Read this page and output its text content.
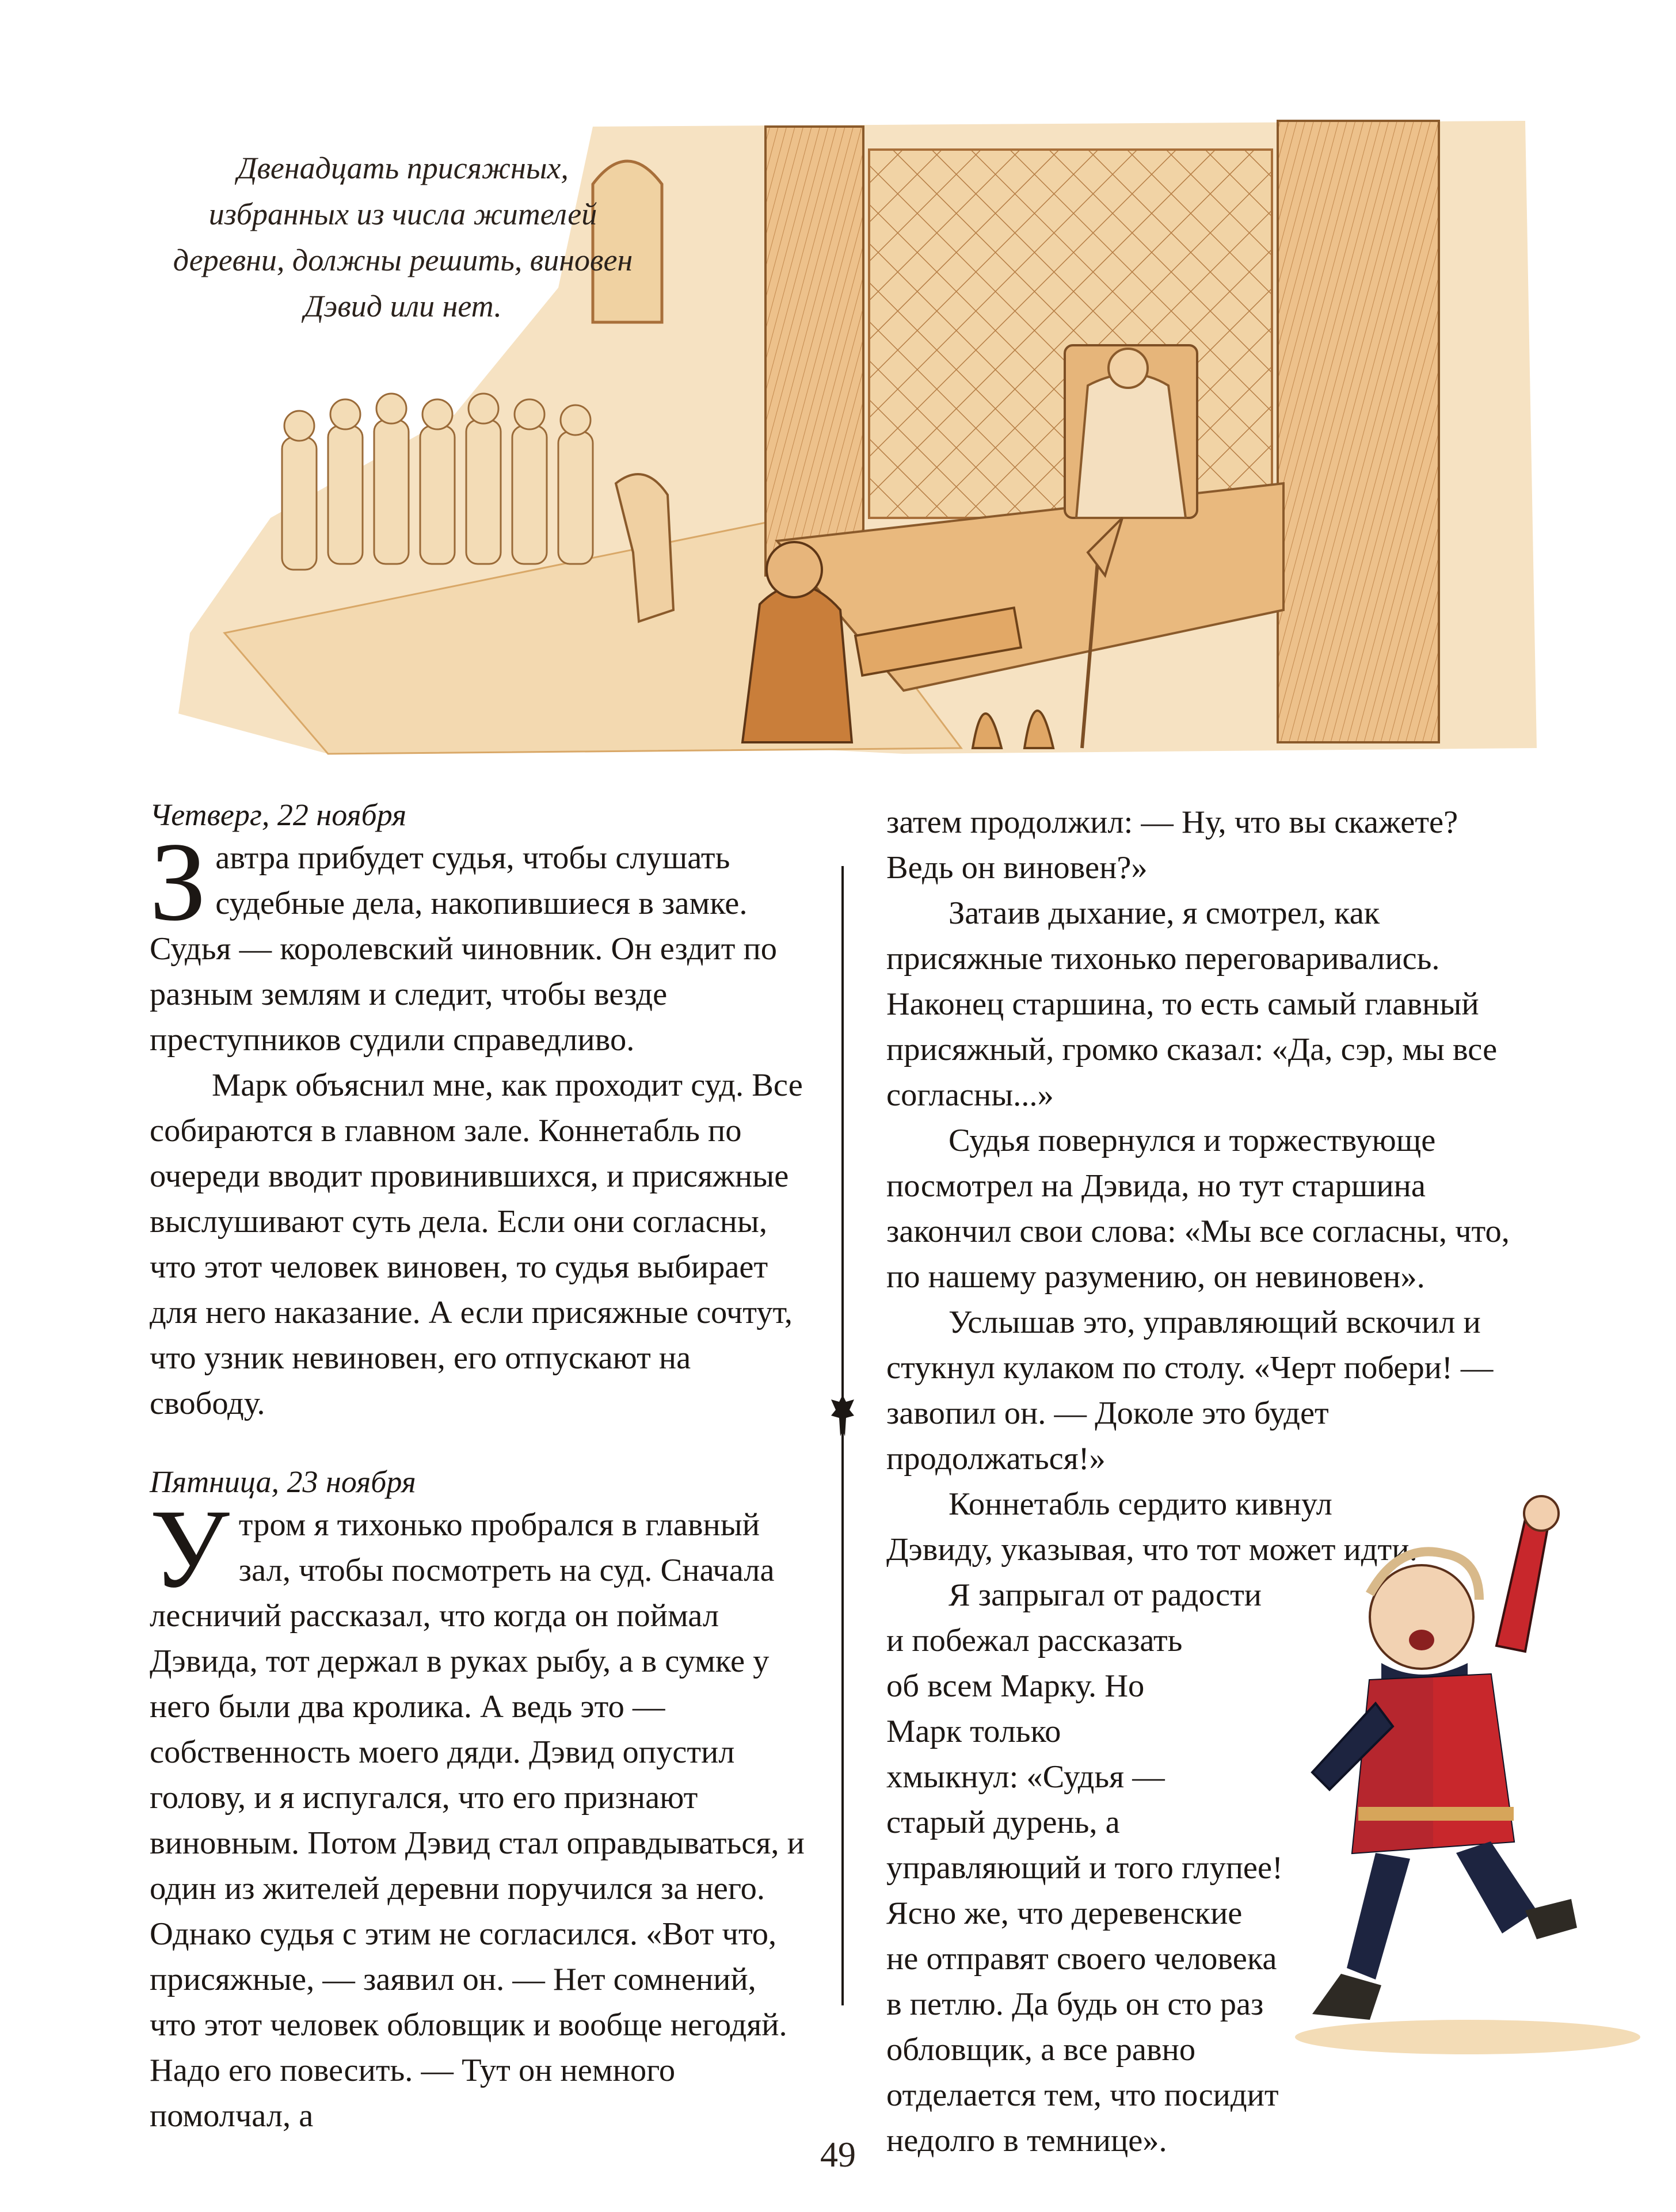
Двенадцать присяжных,
избранных из числа жителей
деревни, должны решить, виновен
Дэвид или нет.

Четверг, 22 ноября

Завтра прибудет судья, чтобы слушать судебные дела, накопившиеся в замке. Судья — королевский чиновник. Он ездит по разным землям и следит, чтобы везде преступников судили справедливо.

Марк объяснил мне, как проходит суд. Все собираются в главном зале. Коннетабль по очереди вводит провинившихся, и присяжные выслушивают суть дела. Если они согласны, что этот человек виновен, то судья выбирает для него наказание. А если присяжные сочтут, что узник невиновен, его отпускают на свободу.

Пятница, 23 ноября

Утром я тихонько пробрался в главный зал, чтобы посмотреть на суд. Сначала лесничий рассказал, что когда он поймал Дэвида, тот держал в руках рыбу, а в сумке у него были два кролика. А ведь это — собственность моего дяди. Дэвид опустил голову, и я испугался, что его признают виновным. Потом Дэвид стал оправдываться, и один из жителей деревни поручился за него. Однако судья с этим не согласился. «Вот что, присяжные, — заявил он. — Нет сомнений, что этот человек обловщик и вообще негодяй. Надо его повесить. — Тут он немного помолчал, а

затем продолжил: — Ну, что вы скажете? Ведь он виновен?»

Затаив дыхание, я смотрел, как присяжные тихонько переговаривались. Наконец старшина, то есть самый главный присяжный, громко сказал: «Да, сэр, мы все согласны...»

Судья повернулся и торжествующе посмотрел на Дэвида, но тут старшина закончил свои слова: «Мы все согласны, что, по нашему разумению, он невиновен».

Услышав это, управляющий вскочил и стукнул кулаком по столу. «Черт побери! — завопил он. — Доколе это будет продолжаться!»

Коннетабль сердито кивнул Дэвиду, указывая, что тот может идти.

Я запрыгал от радости
и побежал рассказать
об всем Марку. Но
Марк только
хмыкнул: «Судья —
старый дурень, а
управляющий и того глупее!
Ясно же, что деревенские
не отправят своего человека
в петлю. Да будь он сто раз
обловщик, а все равно
отделается тем, что посидит
недолго в темнице».
49
